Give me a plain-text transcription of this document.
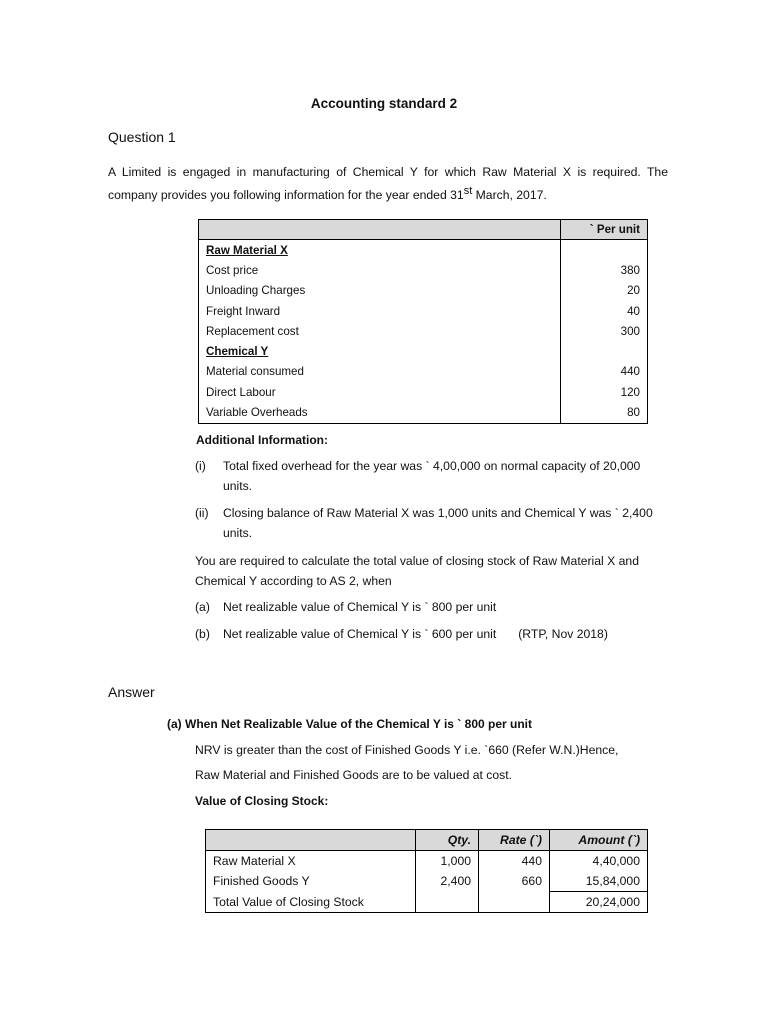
Accounting standard 2
Question 1
A Limited is engaged in manufacturing of Chemical Y for which Raw Material X is required. The company provides you following information for the year ended 31st March, 2017.
	` Per unit
Raw Material X	
Cost price	380
Unloading Charges	20
Freight Inward	40
Replacement cost	300
Chemical Y	
Material consumed	440
Direct Labour	120
Variable Overheads	80
Additional Information:
(i) Total fixed overhead for the year was ` 4,00,000 on normal capacity of 20,000
units.
(ii) Closing balance of Raw Material X was 1,000 units and Chemical Y was ` 2,400
units.
You are required to calculate the total value of closing stock of Raw Material X and Chemical Y according to AS 2, when
(a) Net realizable value of Chemical Y is ` 800 per unit
(b) Net realizable value of Chemical Y is ` 600 per unit (RTP, Nov 2018)
Answer
(a) When Net Realizable Value of the Chemical Y is ` 800 per unit
NRV is greater than the cost of Finished Goods Y i.e. `660 (Refer W.N.)Hence,
Raw Material and Finished Goods are to be valued at cost.
Value of Closing Stock:
	Qty.	Rate (`)	Amount (`)
Raw Material X	1,000	440	4,40,000
Finished Goods Y	2,400	660	15,84,000
Total Value of Closing Stock			20,24,000
